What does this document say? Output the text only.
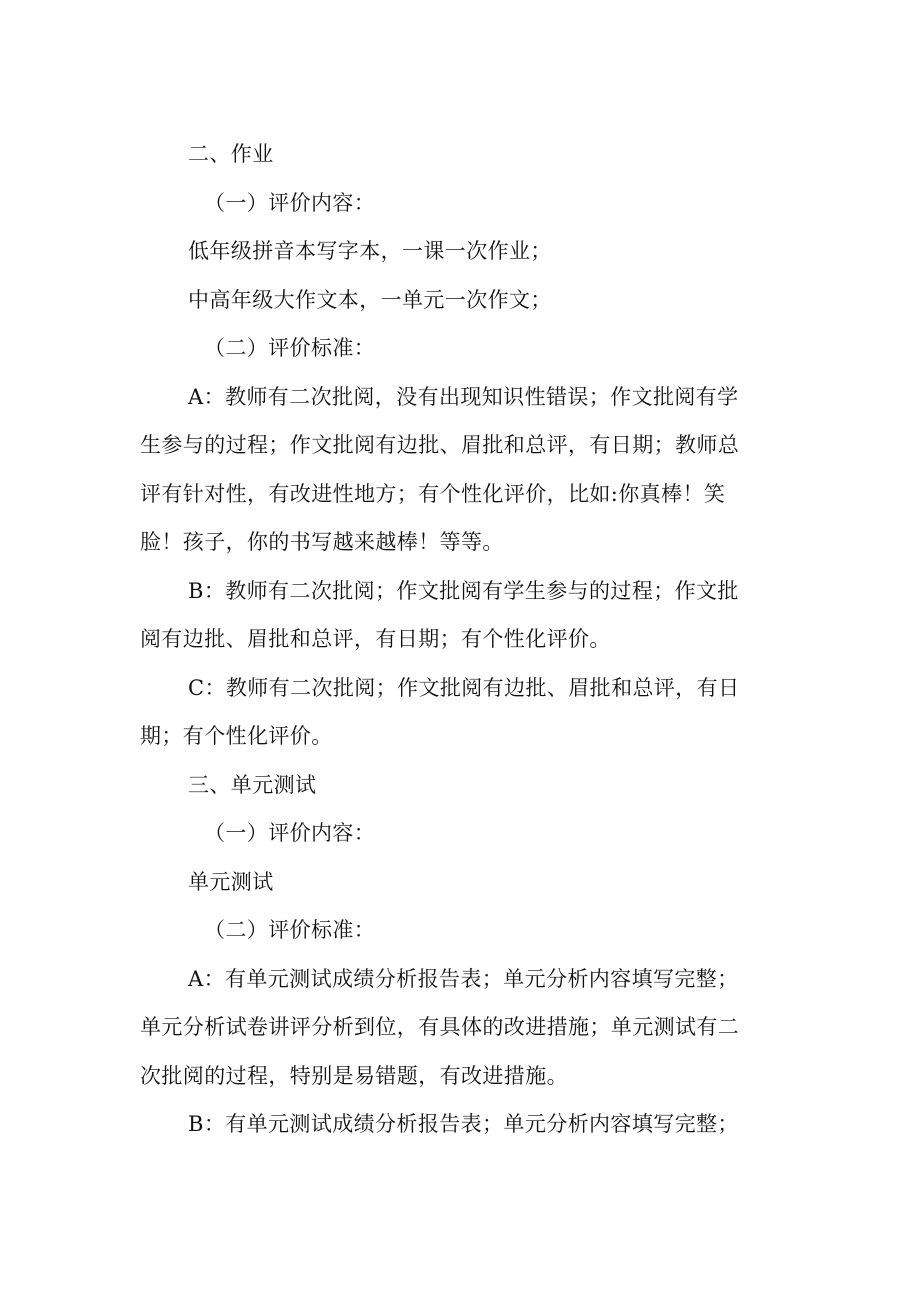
二、作业
（一）评价内容：
低年级拼音本写字本，一课一次作业；
中高年级大作文本，一单元一次作文；
（二）评价标准：
A：教师有二次批阅，没有出现知识性错误；作文批阅有学
生参与的过程；作文批阅有边批、眉批和总评，有日期；教师总
评有针对性，有改进性地方；有个性化评价，比如:你真棒！笑
脸！孩子，你的书写越来越棒！等等。
B：教师有二次批阅；作文批阅有学生参与的过程；作文批
阅有边批、眉批和总评，有日期；有个性化评价。
C：教师有二次批阅；作文批阅有边批、眉批和总评，有日
期；有个性化评价。
三、单元测试
（一）评价内容：
单元测试
（二）评价标准：
A：有单元测试成绩分析报告表；单元分析内容填写完整；
单元分析试卷讲评分析到位，有具体的改进措施；单元测试有二
次批阅的过程，特别是易错题，有改进措施。
B：有单元测试成绩分析报告表；单元分析内容填写完整；
